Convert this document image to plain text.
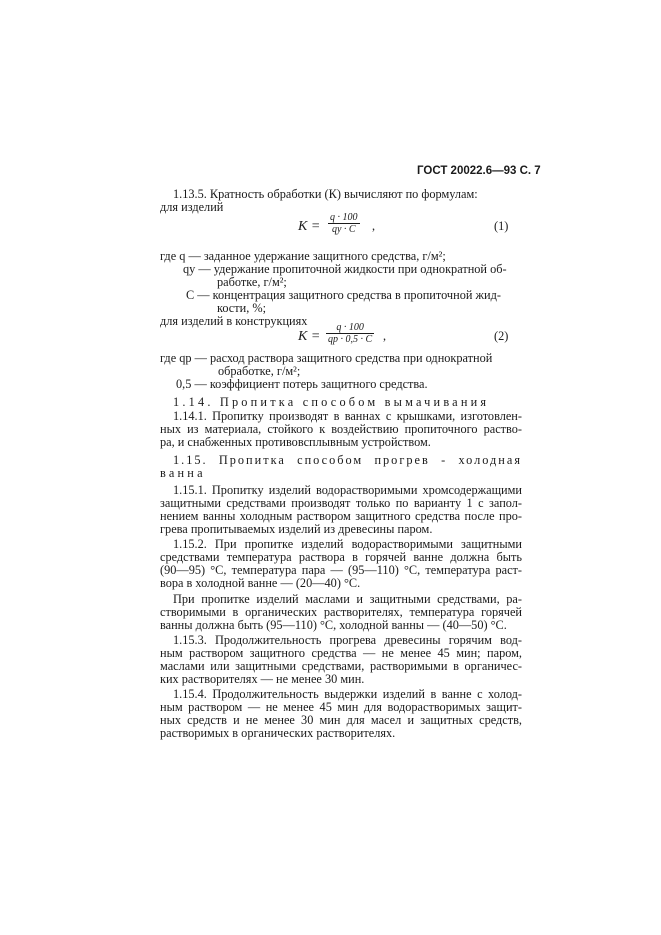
ГОСТ 20022.6—93 С. 7
1.13.5. Кратность обработки (К) вычисляют по формулам:
для изделий
K =
q · 100
qу · C	,	(1)
где q — заданное удержание защитного средства, г/м²;
qу — удержание пропиточной жидкости при однократной об-
работке, г/м²;
C — концентрация защитного средства в пропиточной жид-
кости, %;
для изделий в конструкциях
K =
q · 100
qр · 0,5 · C ,	(2)
где qр — расход раствора защитного средства при однократной
обработке, г/м²;
0,5 — коэффициент потерь защитного средства.
1.14. Пропитка способом вымачивания
1.14.1. Пропитку производят в ваннах с крышками, изготовлен-
ных из материала, стойкого к воздействию пропиточного раство-
ра, и снабженных противовсплывным устройством.
1.15. Пропитка способом прогрев - холодная
ванна
1.15.1. Пропитку изделий водорастворимыми хромсодержащими
защитными средствами производят только по варианту 1 с запол-
нением ванны холодным раствором защитного средства после про-
грева пропитываемых изделий из древесины паром.
1.15.2. При пропитке изделий водорастворимыми защитными
средствами температура раствора в горячей ванне должна быть
(90—95) °С, температура пара — (95—110) °С, температура раст-
вора в холодной ванне — (20—40) °С.
При пропитке изделий маслами и защитными средствами, ра-
створимыми в органических растворителях, температура горячей
ванны должна быть (95—110) °С, холодной ванны — (40—50) °С.
1.15.3. Продолжительность прогрева древесины горячим вод-
ным раствором защитного средства — не менее 45 мин; паром,
маслами или защитными средствами, растворимыми в органичес-
ких растворителях — не менее 30 мин.
1.15.4. Продолжительность выдержки изделий в ванне с холод-
ным раствором — не менее 45 мин для водорастворимых защит-
ных средств и не менее 30 мин для масел и защитных средств,
растворимых в органических растворителях.
